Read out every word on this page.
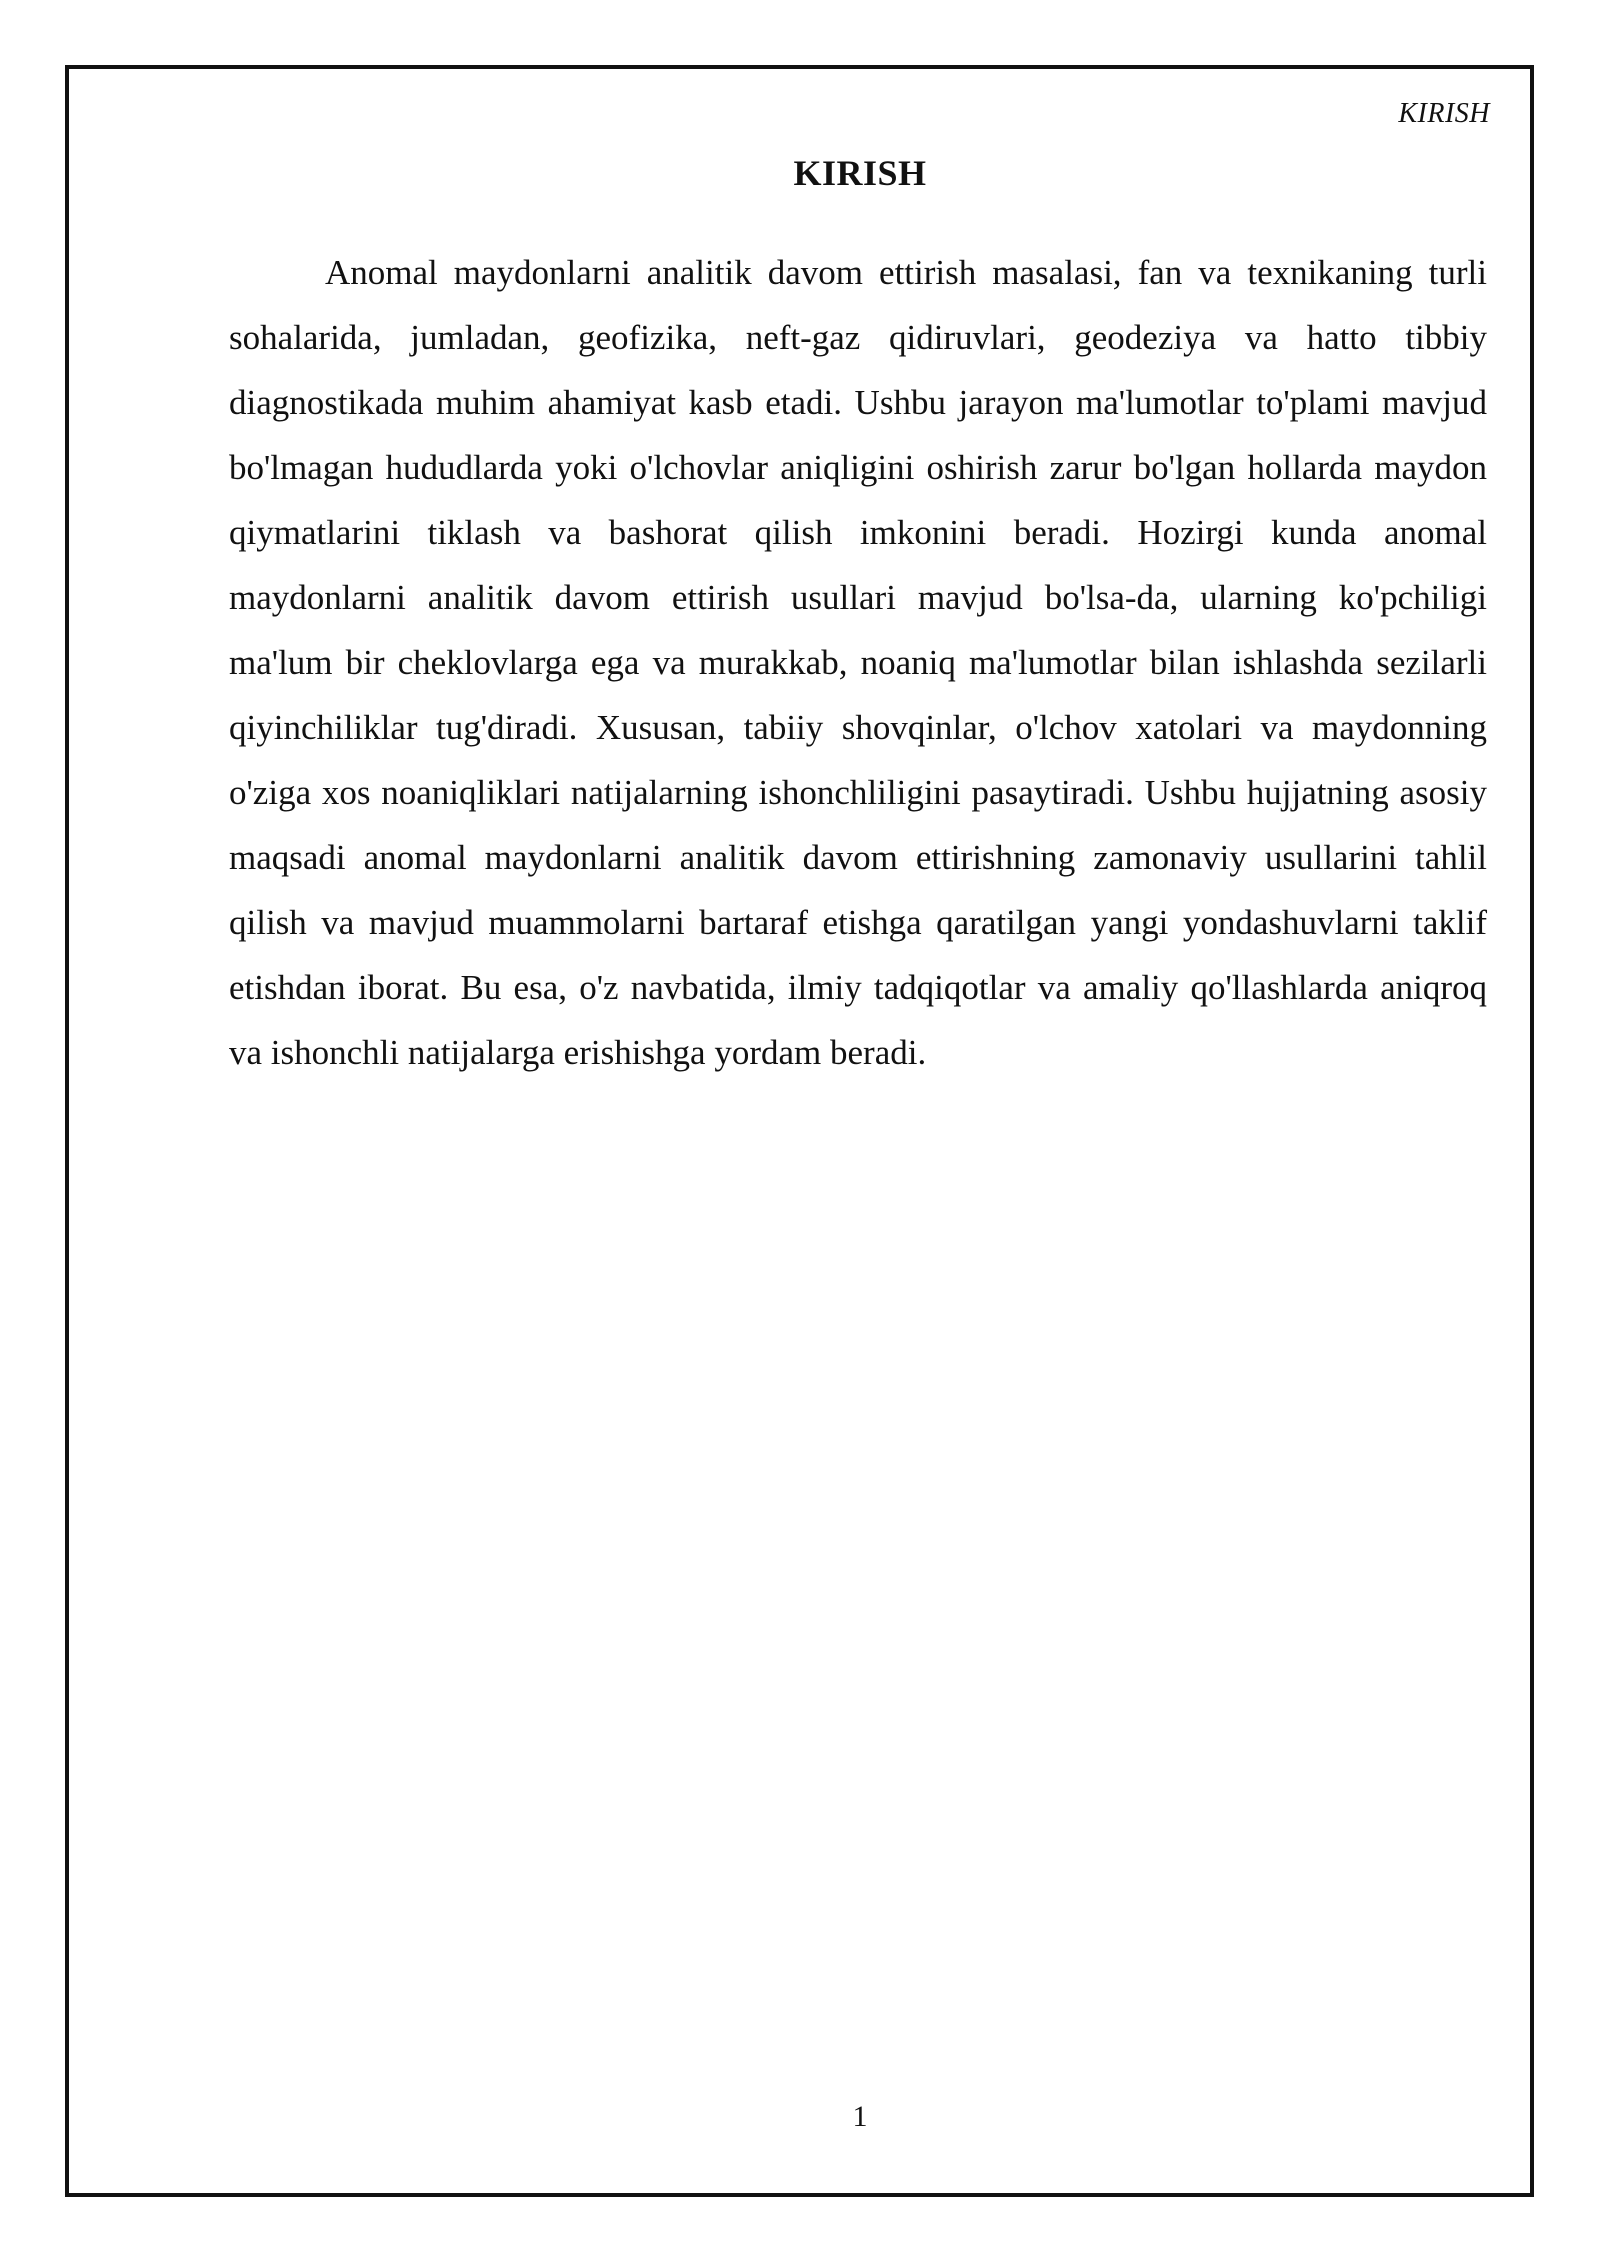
KIRISH
KIRISH

Anomal maydonlarni analitik davom ettirish masalasi, fan va texnikaning turli sohalarida, jumladan, geofizika, neft-gaz qidiruvlari, geodeziya va hatto tibbiy diagnostikada muhim ahamiyat kasb etadi. Ushbu jarayon ma'lumotlar to'plami mavjud bo'lmagan hududlarda yoki o'lchovlar aniqligini oshirish zarur bo'lgan hollarda maydon qiymatlarini tiklash va bashorat qilish imkonini beradi. Hozirgi kunda anomal maydonlarni analitik davom ettirish usullari mavjud bo'lsa-da, ularning ko'pchiligi ma'lum bir cheklovlarga ega va murakkab, noaniq ma'lumotlar bilan ishlashda sezilarli qiyinchiliklar tug'diradi. Xususan, tabiiy shovqinlar, o'lchov xatolari va maydonning o'ziga xos noaniqliklari natijalarning ishonchliligini pasaytiradi. Ushbu hujjatning asosiy maqsadi anomal maydonlarni analitik davom ettirishning zamonaviy usullarini tahlil qilish va mavjud muammolarni bartaraf etishga qaratilgan yangi yondashuvlarni taklif etishdan iborat. Bu esa, o'z navbatida, ilmiy tadqiqotlar va amaliy qo'llashlarda aniqroq va ishonchli natijalarga erishishga yordam beradi.

1
